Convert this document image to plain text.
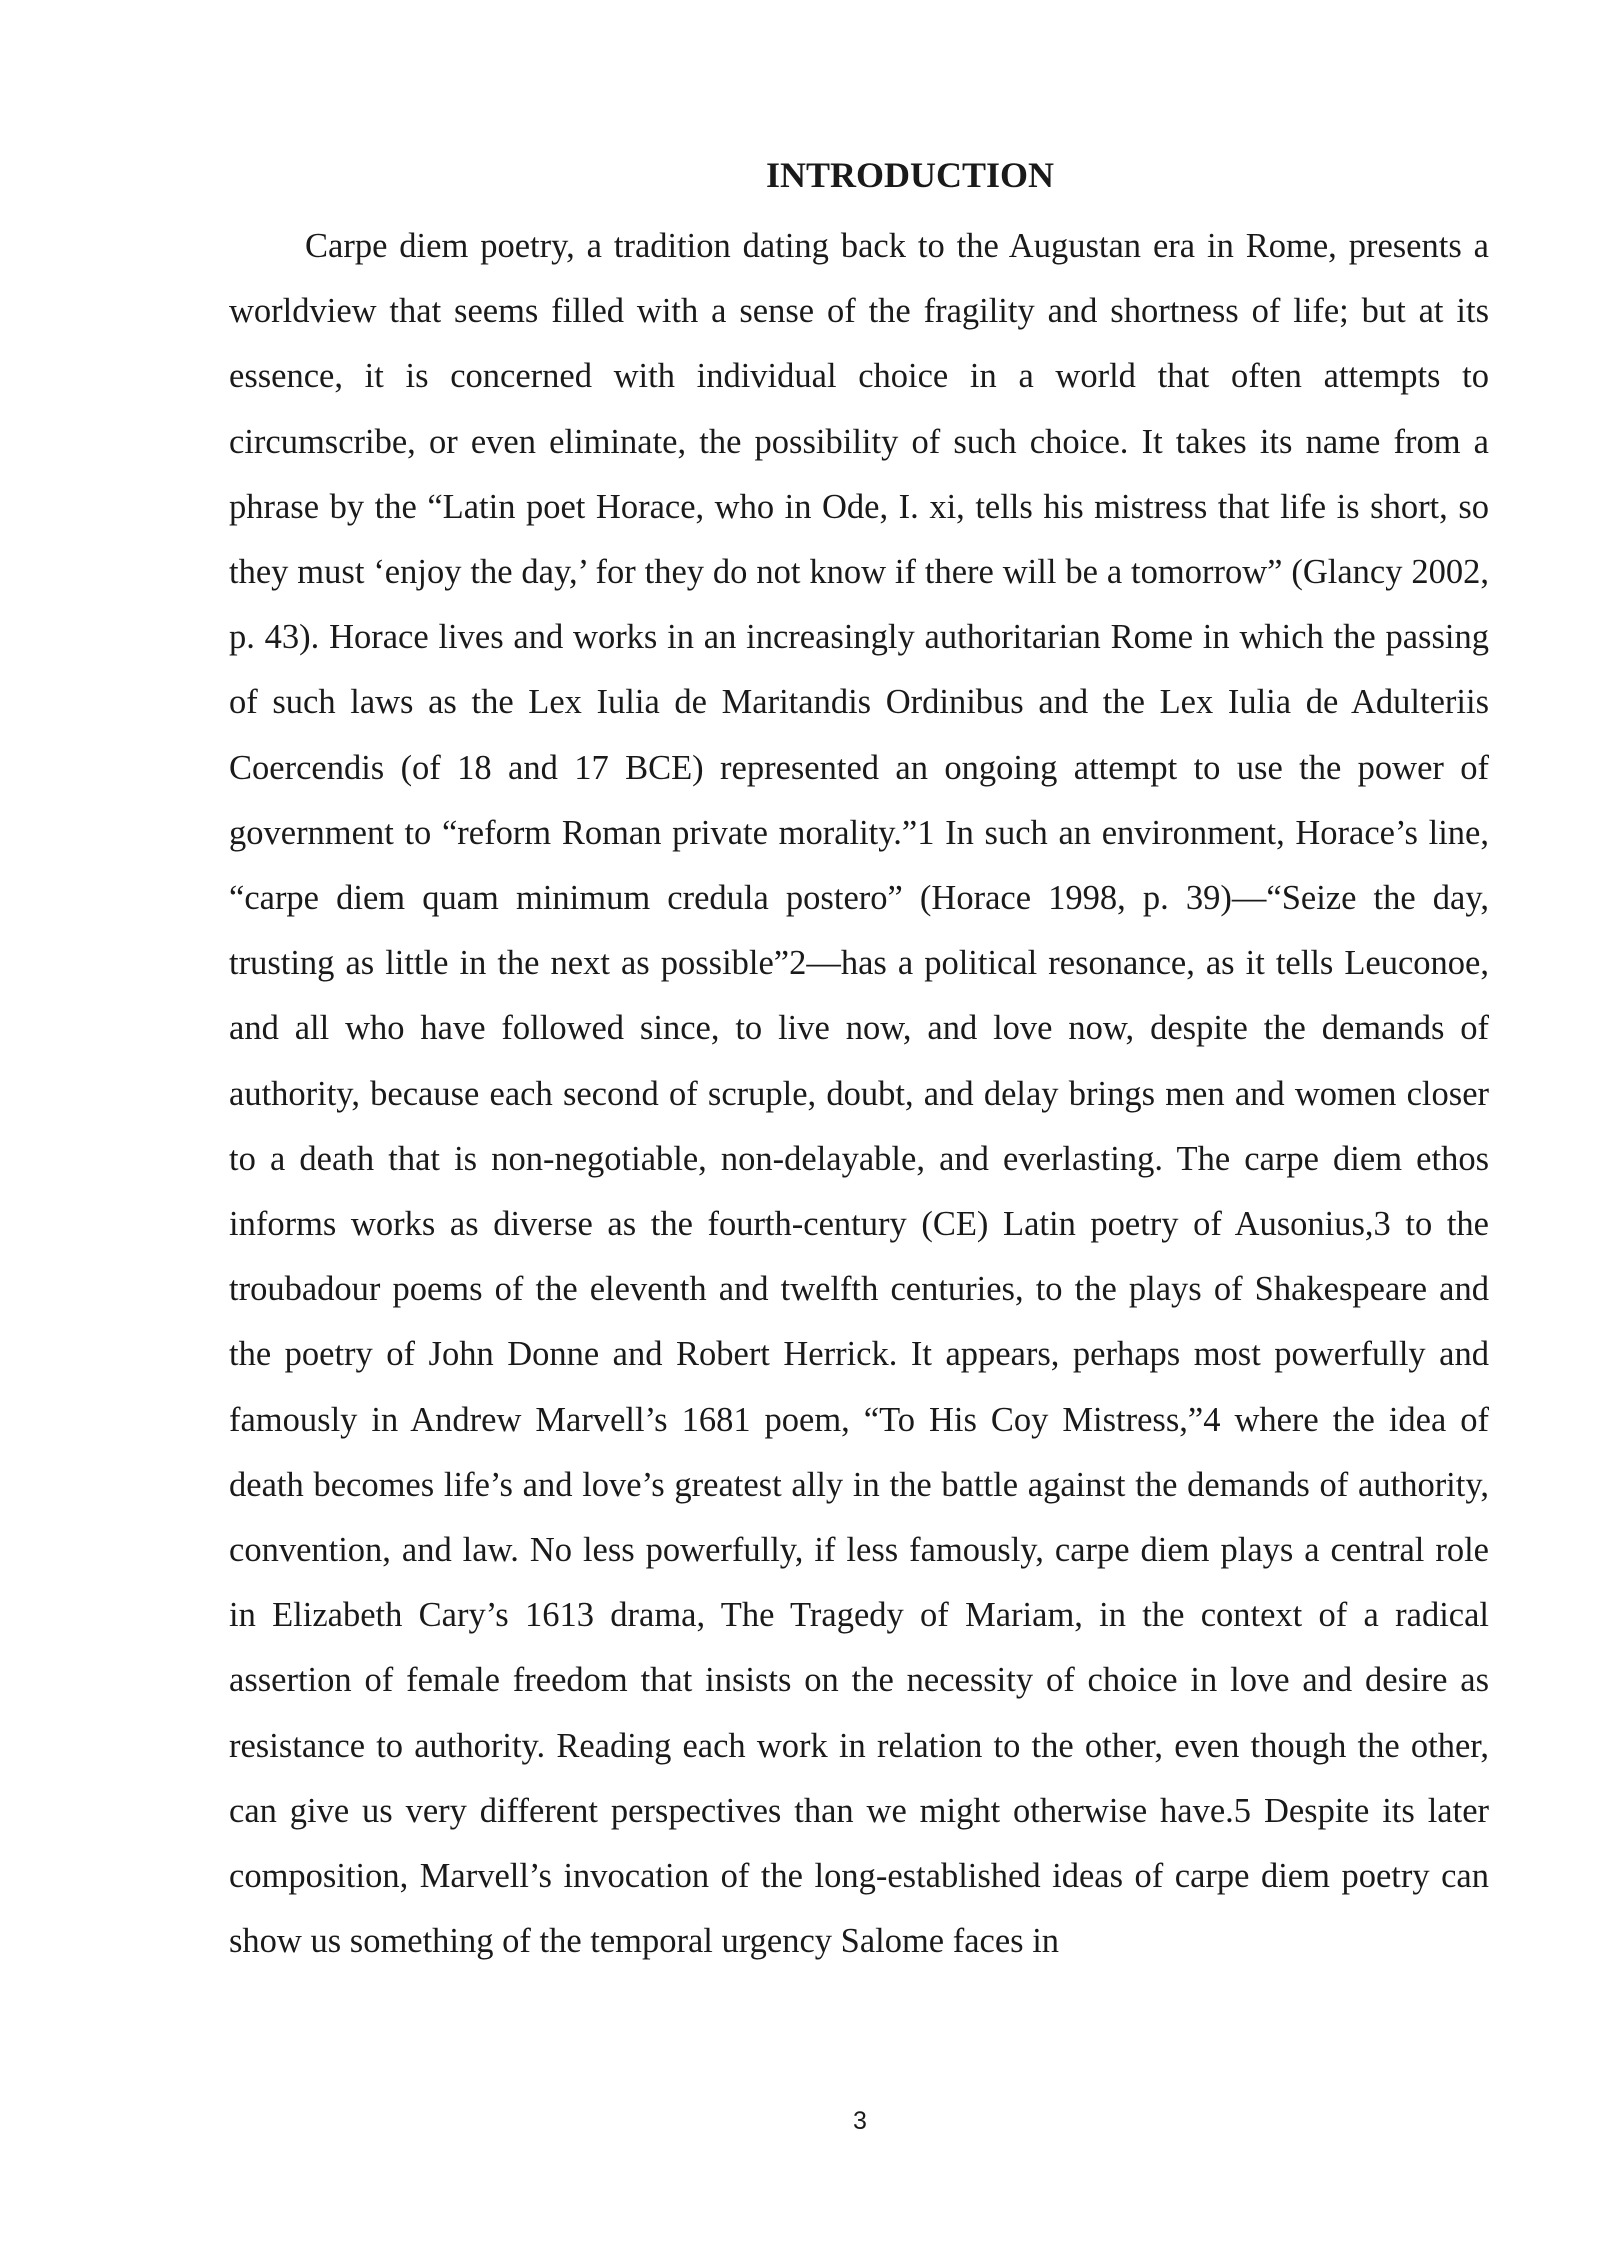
INTRODUCTION

Carpe diem poetry, a tradition dating back to the Augustan era in Rome, presents a worldview that seems filled with a sense of the fragility and shortness of life; but at its essence, it is concerned with individual choice in a world that often attempts to circumscribe, or even eliminate, the possibility of such choice. It takes its name from a phrase by the “Latin poet Horace, who in Ode, I. xi, tells his mistress that life is short, so they must ‘enjoy the day,’ for they do not know if there will be a tomorrow” (Glancy 2002, p. 43). Horace lives and works in an increasingly authoritarian Rome in which the passing of such laws as the Lex Iulia de Maritandis Ordinibus and the Lex Iulia de Adulteriis Coercendis (of 18 and 17 BCE) represented an ongoing attempt to use the power of government to “reform Roman private morality.”1 In such an environment, Horace’s line, “carpe diem quam minimum credula postero” (Horace 1998, p. 39)—“Seize the day, trusting as little in the next as possible”2—has a political resonance, as it tells Leuconoe, and all who have followed since, to live now, and love now, despite the demands of authority, because each second of scruple, doubt, and delay brings men and women closer to a death that is non-negotiable, non-delayable, and everlasting. The carpe diem ethos informs works as diverse as the fourth-century (CE) Latin poetry of Ausonius,3 to the troubadour poems of the eleventh and twelfth centuries, to the plays of Shakespeare and the poetry of John Donne and Robert Herrick. It appears, perhaps most powerfully and famously in Andrew Marvell’s 1681 poem, “To His Coy Mistress,”4 where the idea of death becomes life’s and love’s greatest ally in the battle against the demands of authority, convention, and law. No less powerfully, if less famously, carpe diem plays a central role in Elizabeth Cary’s 1613 drama, The Tragedy of Mariam, in the context of a radical assertion of female freedom that insists on the necessity of choice in love and desire as resistance to authority. Reading each work in relation to the other, even though the other, can give us very different perspectives than we might otherwise have.5 Despite its later composition, Marvell’s invocation of the long-established ideas of carpe diem poetry can show us something of the temporal urgency Salome faces in

3
